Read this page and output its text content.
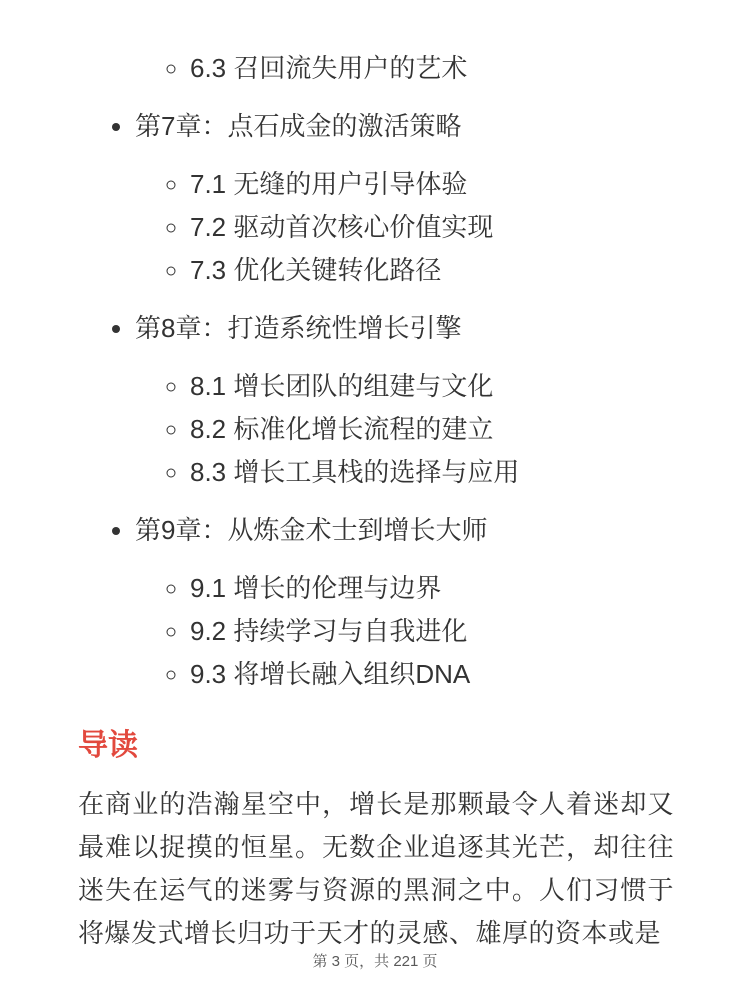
◦ 6.3 召回流失用户的艺术
• 第7章：点石成金的激活策略
◦ 7.1 无缝的用户引导体验
◦ 7.2 驱动首次核心价值实现
◦ 7.3 优化关键转化路径
• 第8章：打造系统性增长引擎
◦ 8.1 增长团队的组建与文化
◦ 8.2 标准化增长流程的建立
◦ 8.3 增长工具栈的选择与应用
• 第9章：从炼金术士到增长大师
◦ 9.1 增长的伦理与边界
◦ 9.2 持续学习与自我进化
◦ 9.3 将增长融入组织DNA
导读

在商业的浩瀚星空中，增长是那颗最令人着迷却又最难以捉摸的恒星。无数企业追逐其光芒，却往往迷失在运气的迷雾与资源的黑洞之中。人们习惯于将爆发式增长归功于天才的灵感、雄厚的资本或是

第 3 页，共 221 页
